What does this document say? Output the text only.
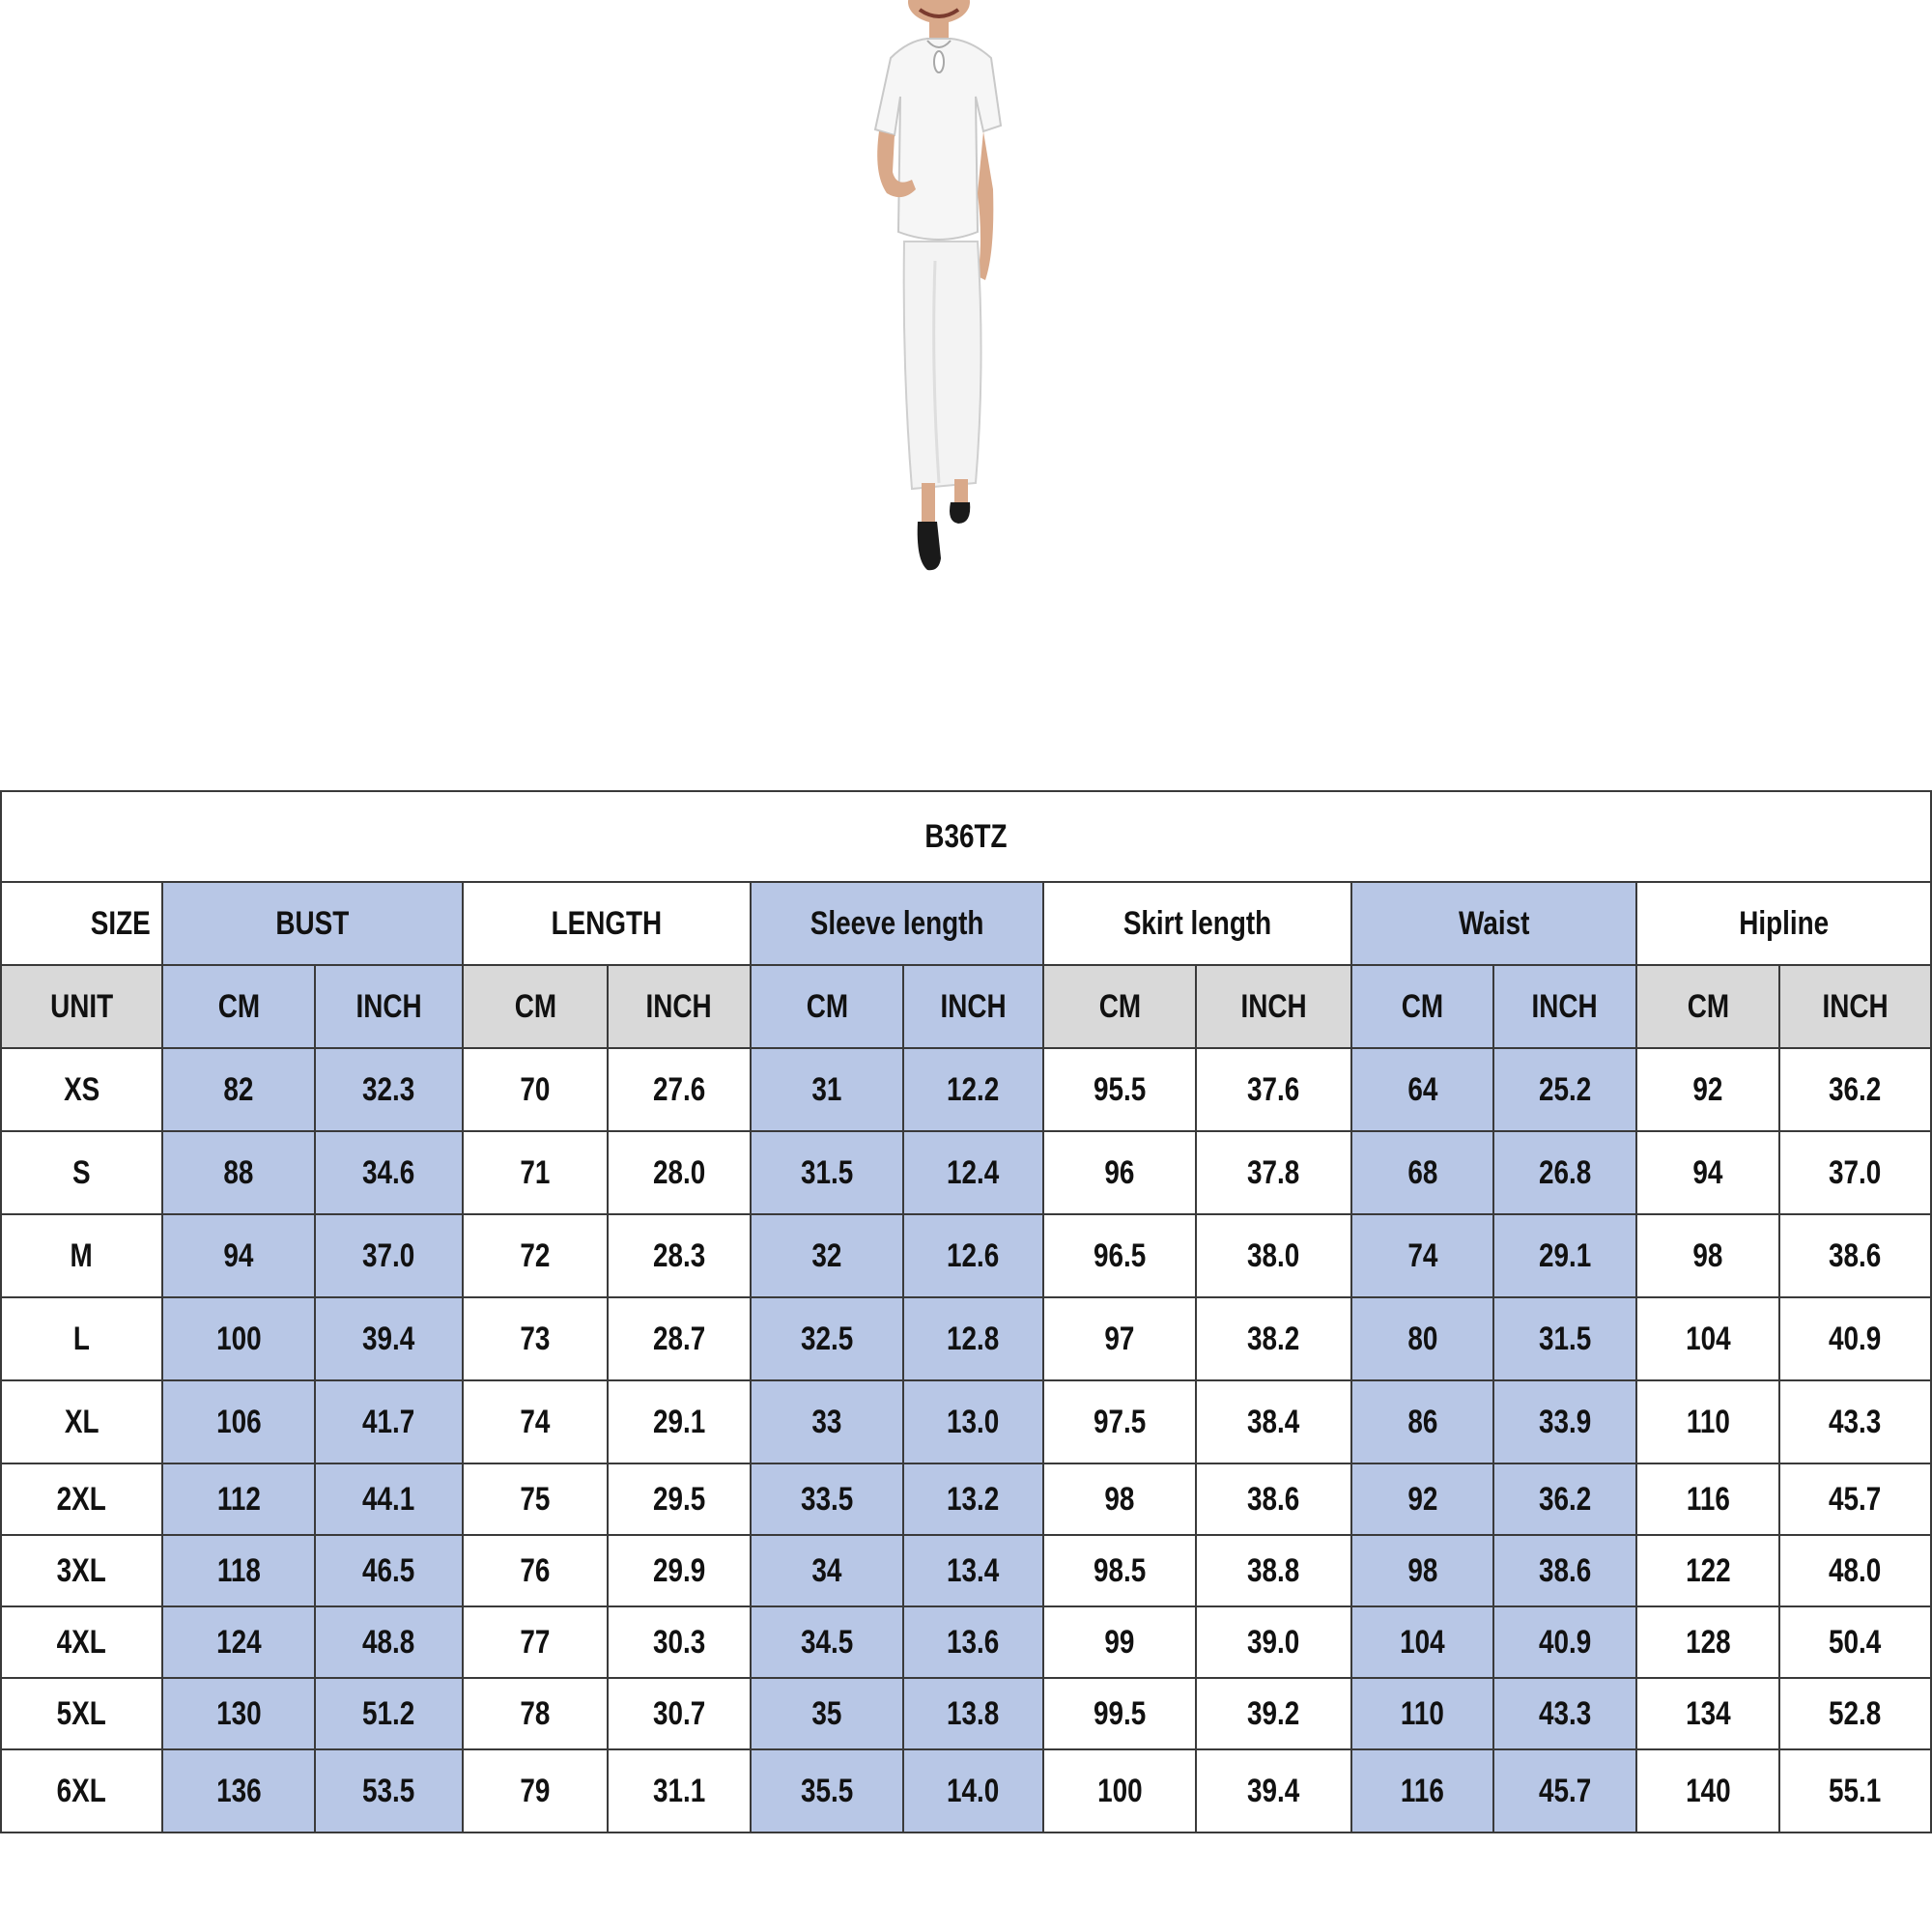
B36TZ												
SIZE	BUST		LENGTH		Sleeve length		Skirt length		Waist		Hipline	
UNIT	CM	INCH	CM	INCH	CM	INCH	CM	INCH	CM	INCH	CM	INCH
XS	82	32.3	70	27.6	31	12.2	95.5	37.6	64	25.2	92	36.2
S	88	34.6	71	28.0	31.5	12.4	96	37.8	68	26.8	94	37.0
M	94	37.0	72	28.3	32	12.6	96.5	38.0	74	29.1	98	38.6
L	100	39.4	73	28.7	32.5	12.8	97	38.2	80	31.5	104	40.9
XL	106	41.7	74	29.1	33	13.0	97.5	38.4	86	33.9	110	43.3
2XL	112	44.1	75	29.5	33.5	13.2	98	38.6	92	36.2	116	45.7
3XL	118	46.5	76	29.9	34	13.4	98.5	38.8	98	38.6	122	48.0
4XL	124	48.8	77	30.3	34.5	13.6	99	39.0	104	40.9	128	50.4
5XL	130	51.2	78	30.7	35	13.8	99.5	39.2	110	43.3	134	52.8
6XL	136	53.5	79	31.1	35.5	14.0	100	39.4	116	45.7	140	55.1
